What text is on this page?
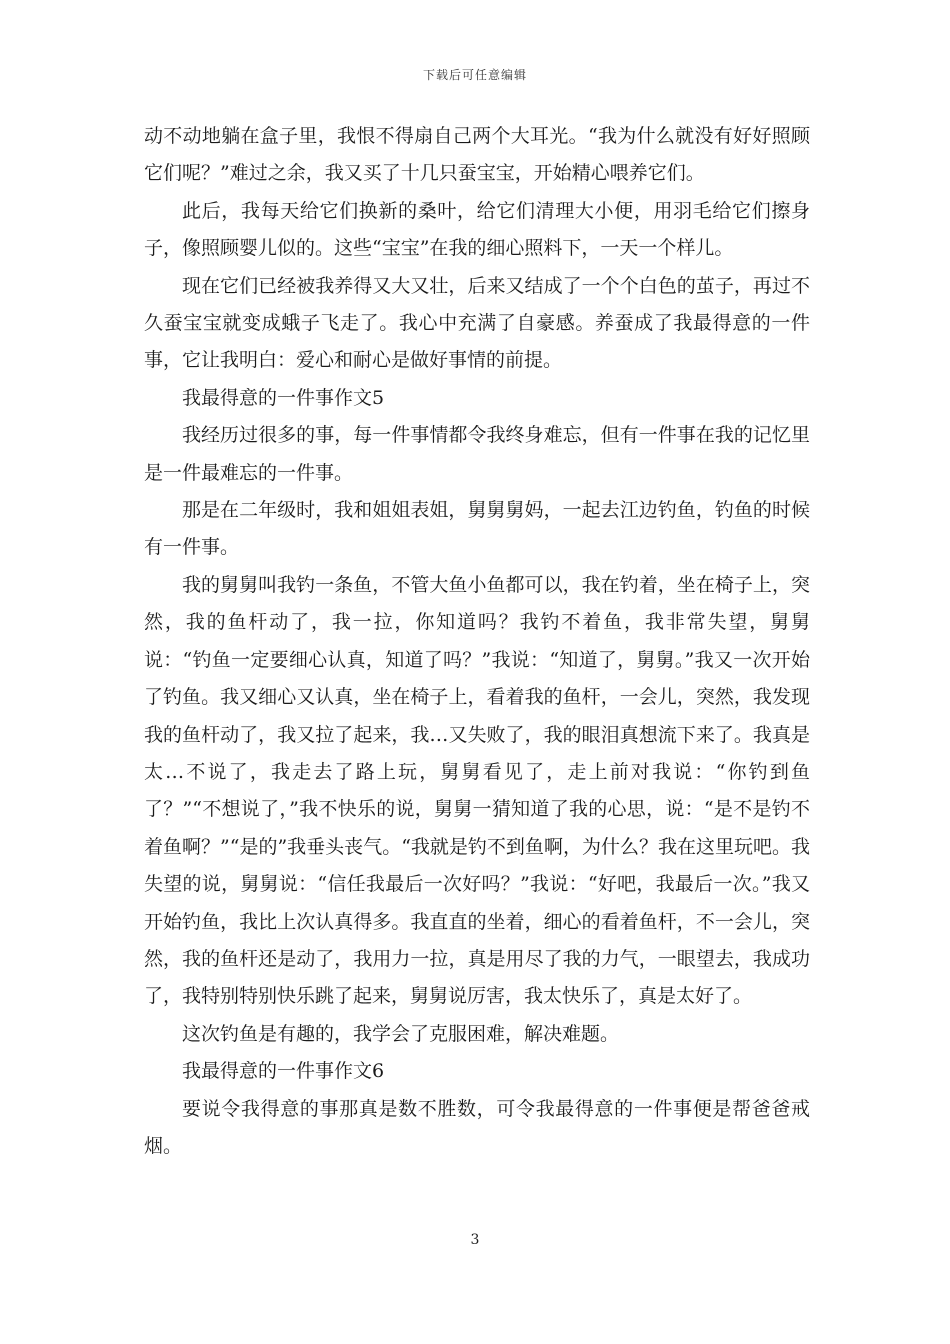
下载后可任意编辑

动不动地躺在盒子里，我恨不得扇自己两个大耳光。“我为什么就没有好好照顾它们呢？”难过之余，我又买了十几只蚕宝宝，开始精心喂养它们。

此后，我每天给它们换新的桑叶，给它们清理大小便，用羽毛给它们擦身子，像照顾婴儿似的。这些“宝宝”在我的细心照料下，一天一个样儿。

现在它们已经被我养得又大又壮，后来又结成了一个个白色的茧子，再过不久蚕宝宝就变成蛾子飞走了。我心中充满了自豪感。养蚕成了我最得意的一件事，它让我明白：爱心和耐心是做好事情的前提。

我最得意的一件事作文5

我经历过很多的事，每一件事情都令我终身难忘，但有一件事在我的记忆里是一件最难忘的一件事。

那是在二年级时，我和姐姐表姐，舅舅舅妈，一起去江边钓鱼，钓鱼的时候有一件事。

我的舅舅叫我钓一条鱼，不管大鱼小鱼都可以，我在钓着，坐在椅子上，突然，我的鱼杆动了，我一拉，你知道吗？我钓不着鱼，我非常失望，舅舅说：“钓鱼一定要细心认真，知道了吗？”我说：“知道了，舅舅。”我又一次开始了钓鱼。我又细心又认真，坐在椅子上，看着我的鱼杆，一会儿，突然，我发现我的鱼杆动了，我又拉了起来，我…又失败了，我的眼泪真想流下来了。我真是太…不说了，我走去了路上玩，舅舅看见了，走上前对我说：“你钓到鱼了？”“不想说了，”我不快乐的说，舅舅一猜知道了我的心思，说：“是不是钓不着鱼啊？”“是的”我垂头丧气。“我就是钓不到鱼啊，为什么？我在这里玩吧。我失望的说，舅舅说：“信任我最后一次好吗？”我说：“好吧，我最后一次。”我又开始钓鱼，我比上次认真得多。我直直的坐着，细心的看着鱼杆，不一会儿，突然，我的鱼杆还是动了，我用力一拉，真是用尽了我的力气，一眼望去，我成功了，我特别特别快乐跳了起来，舅舅说厉害，我太快乐了，真是太好了。

这次钓鱼是有趣的，我学会了克服困难，解决难题。

我最得意的一件事作文6

要说令我得意的事那真是数不胜数，可令我最得意的一件事便是帮爸爸戒烟。

3
